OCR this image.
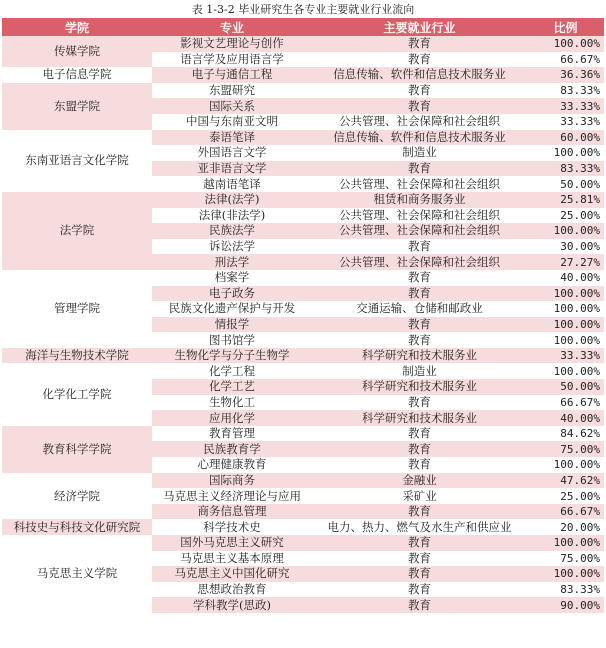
表 1-3-2 毕业研究生各专业主要就业行业流向
学院	专业	主要就业行业	比例
传媒学院	影视文艺理论与创作	教育	100.00%
	语言学及应用语言学	教育	66.67%
电子信息学院	电子与通信工程	信息传输、软件和信息技术服务业	36.36%
东盟学院	东盟研究	教育	83.33%
	国际关系	教育	33.33%
	中国与东南亚文明	公共管理、社会保障和社会组织	33.33%
东南亚语言文化学院	泰语笔译	信息传输、软件和信息技术服务业	60.00%
	外国语言文学	制造业	100.00%
	亚非语言文学	教育	83.33%
	越南语笔译	公共管理、社会保障和社会组织	50.00%
法学院	法律(法学)	租赁和商务服务业	25.81%
	法律(非法学)	公共管理、社会保障和社会组织	25.00%
	民族法学	公共管理、社会保障和社会组织	100.00%
	诉讼法学	教育	30.00%
	刑法学	公共管理、社会保障和社会组织	27.27%
管理学院	档案学	教育	40.00%
	电子政务	教育	100.00%
	民族文化遗产保护与开发	交通运输、仓储和邮政业	100.00%
	情报学	教育	100.00%
	图书馆学	教育	100.00%
海洋与生物技术学院	生物化学与分子生物学	科学研究和技术服务业	33.33%
化学化工学院	化学工程	制造业	100.00%
	化学工艺	科学研究和技术服务业	50.00%
	生物化工	教育	66.67%
	应用化学	科学研究和技术服务业	40.00%
教育科学学院	教育管理	教育	84.62%
	民族教育学	教育	75.00%
	心理健康教育	教育	100.00%
经济学院	国际商务	金融业	47.62%
	马克思主义经济理论与应用	采矿业	25.00%
	商务信息管理	教育	66.67%
科技史与科技文化研究院	科学技术史	电力、热力、燃气及水生产和供应业	20.00%
马克思主义学院	国外马克思主义研究	教育	100.00%
	马克思主义基本原理	教育	75.00%
	马克思主义中国化研究	教育	100.00%
	思想政治教育	教育	83.33%
	学科教学(思政)	教育	90.00%
